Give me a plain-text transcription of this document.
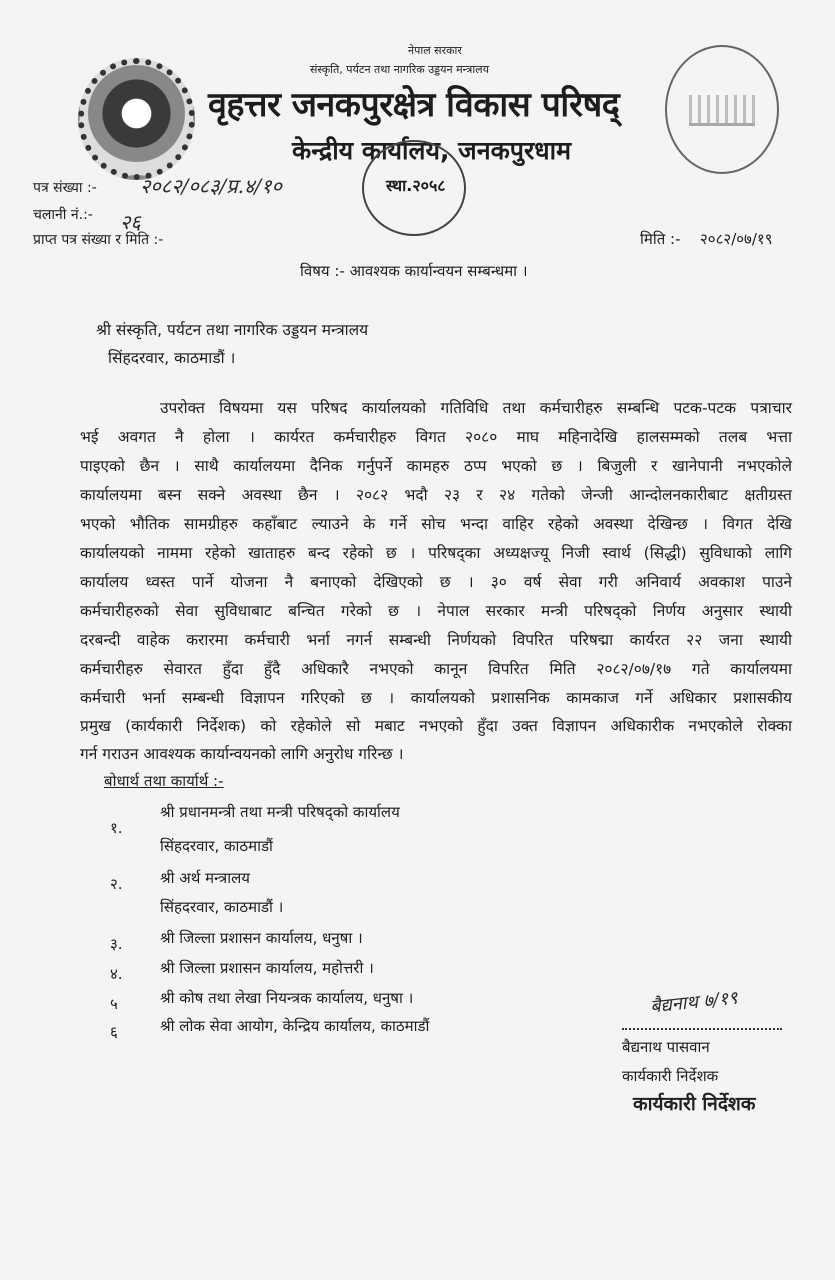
नेपाल सरकार
संस्कृति, पर्यटन तथा नागरिक उड्डयन मन्त्रालय
वृहत्तर जनकपुरक्षेत्र विकास परिषद्
केन्द्रीय कार्यालय, जनकपुरधाम
स्था.२०५८
पत्र संख्या :- २०८२/०८३/प्र.४/१०
चलानी नं.:- २६
प्राप्त पत्र संख्या र मिति :-	मिति :- २०८२/०७/१९
विषय :- आवश्यक कार्यान्वयन सम्बन्धमा ।
श्री संस्कृति, पर्यटन तथा नागरिक उड्डयन मन्त्रालय
सिंहदरवार, काठमाडौं ।
उपरोक्त विषयमा यस परिषद कार्यालयको गतिविधि तथा कर्मचारीहरु सम्बन्धि पटक-पटक पत्राचार
भई अवगत नै होला । कार्यरत कर्मचारीहरु विगत २०८० माघ महिनादेखि हालसम्मको तलब भत्ता
पाइएको छैन । साथै कार्यालयमा दैनिक गर्नुपर्ने कामहरु ठप्प भएको छ । बिजुली र खानेपानी नभएकोले
कार्यालयमा बस्न सक्ने अवस्था छैन । २०८२ भदौ २३ र २४ गतेको जेन्जी आन्दोलनकारीबाट क्षतीग्रस्त
भएको भौतिक सामग्रीहरु कहाँबाट ल्याउने के गर्ने सोच भन्दा वाहिर रहेको अवस्था देखिन्छ । विगत देखि
कार्यालयको नाममा रहेको खाताहरु बन्द रहेको छ । परिषद्का अध्यक्षज्यू निजी स्वार्थ (सिद्धी) सुविधाको लागि
कार्यालय ध्वस्त पार्ने योजना नै बनाएको देखिएको छ । ३० वर्ष सेवा गरी अनिवार्य अवकाश पाउने
कर्मचारीहरुको सेवा सुविधाबाट बन्चित गरेको छ । नेपाल सरकार मन्त्री परिषद्को निर्णय अनुसार स्थायी
दरबन्दी वाहेक करारमा कर्मचारी भर्ना नगर्न सम्बन्धी निर्णयको विपरित परिषद्मा कार्यरत २२ जना स्थायी
कर्मचारीहरु सेवारत हुँदा हुँदै अधिकारै नभएको कानून विपरित मिति २०८२/०७/१७ गते कार्यालयमा
कर्मचारी भर्ना सम्बन्धी विज्ञापन गरिएको छ । कार्यालयको प्रशासनिक कामकाज गर्ने अधिकार प्रशासकीय
प्रमुख (कार्यकारी निर्देशक) को रहेकोले सो मबाट नभएको हुँदा उक्त विज्ञापन अधिकारीक नभएकोले रोक्का
गर्न गराउन आवश्यक कार्यान्वयनको लागि अनुरोध गरिन्छ ।
बोधार्थ तथा कार्यार्थ :-
१.
श्री प्रधानमन्त्री तथा मन्त्री परिषद्को कार्यालय
सिंहदरवार, काठमाडौं
२. श्री अर्थ मन्त्रालय
सिंहदरवार, काठमाडौं ।
३. श्री जिल्ला प्रशासन कार्यालय, धनुषा ।
४. श्री जिल्ला प्रशासन कार्यालय, महोत्तरी ।
५	श्री कोष तथा लेखा नियन्त्रक कार्यालय, धनुषा ।
६	श्री लोक सेवा आयोग, केन्द्रिय कार्यालय, काठमाडौं
बैद्यनाथ ७/१९
बैद्यनाथ पासवान
कार्यकारी निर्देशक
कार्यकारी निर्देशक
